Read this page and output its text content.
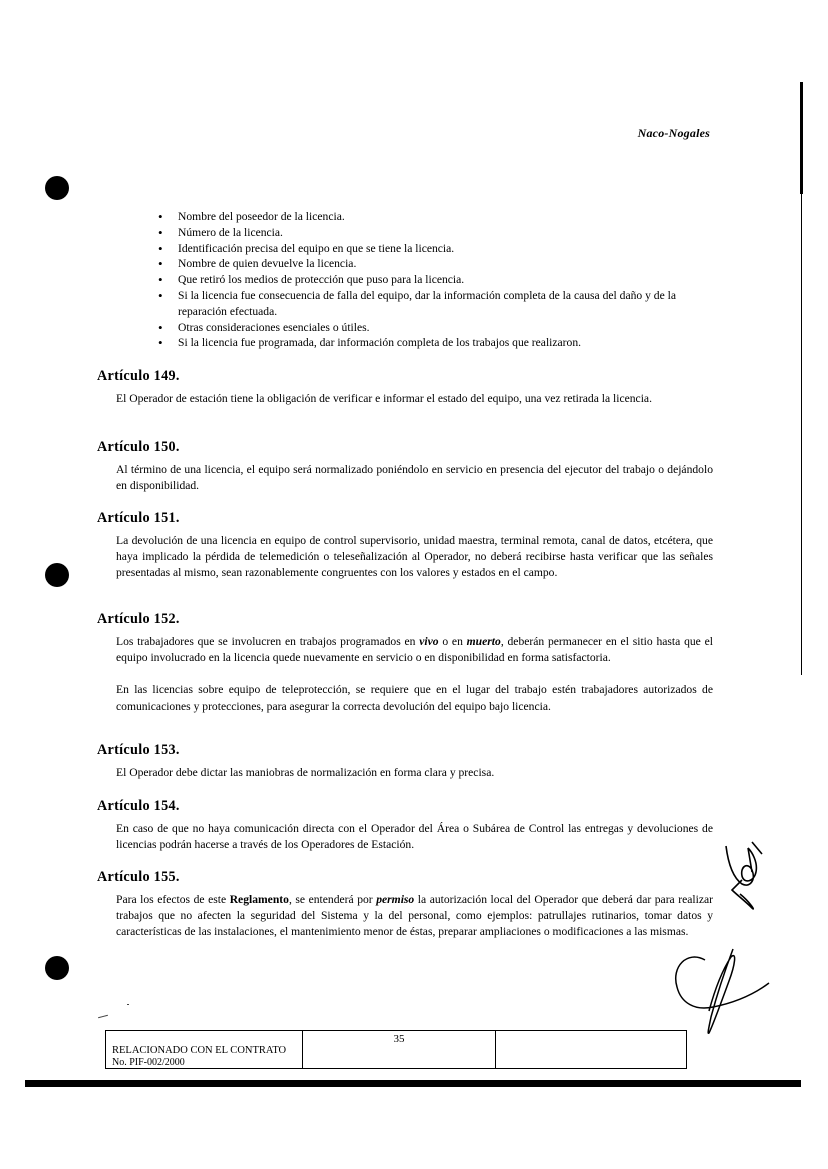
Naco-Nogales
• Nombre del poseedor de la licencia.
• Número de la licencia.
• Identificación precisa del equipo en que se tiene la licencia.
• Nombre de quien devuelve la licencia.
• Que retiró los medios de protección que puso para la licencia.
• Si la licencia fue consecuencia de falla del equipo, dar la información completa de la causa del daño y de la reparación efectuada.
• Otras consideraciones esenciales o útiles.
• Si la licencia fue programada, dar información completa de los trabajos que realizaron.
Artículo 149.

El Operador de estación tiene la obligación de verificar e informar el estado del equipo, una vez retirada la licencia.

Artículo 150.

Al término de una licencia, el equipo será normalizado poniéndolo en servicio en presencia del ejecutor del trabajo o dejándolo en disponibilidad.

Artículo 151.

La devolución de una licencia en equipo de control supervisorio, unidad maestra, terminal remota, canal de datos, etcétera, que haya implicado la pérdida de telemedición o teleseñalización al Operador, no deberá recibirse hasta verificar que las señales presentadas al mismo, sean razonablemente congruentes con los valores y estados en el campo.

Artículo 152.

Los trabajadores que se involucren en trabajos programados en vivo o en muerto, deberán permanecer en el sitio hasta que el equipo involucrado en la licencia quede nuevamente en servicio o en disponibilidad en forma satisfactoria.

En las licencias sobre equipo de teleprotección, se requiere que en el lugar del trabajo estén trabajadores autorizados de comunicaciones y protecciones, para asegurar la correcta devolución del equipo bajo licencia.

Artículo 153.

El Operador debe dictar las maniobras de normalización en forma clara y precisa.

Artículo 154.

En caso de que no haya comunicación directa con el Operador del Área o Subárea de Control las entregas y devoluciones de licencias podrán hacerse a través de los Operadores de Estación.

Artículo 155.

Para los efectos de este Reglamento, se entenderá por permiso la autorización local del Operador que deberá dar para realizar trabajos que no afecten la seguridad del Sistema y la del personal, como ejemplos: patrullajes rutinarios, tomar datos y características de las instalaciones, el mantenimiento menor de éstas, preparar ampliaciones o modificaciones a las mismas.

RELACIONADO CON EL CONTRATO
No. PIF-002/2000
35
